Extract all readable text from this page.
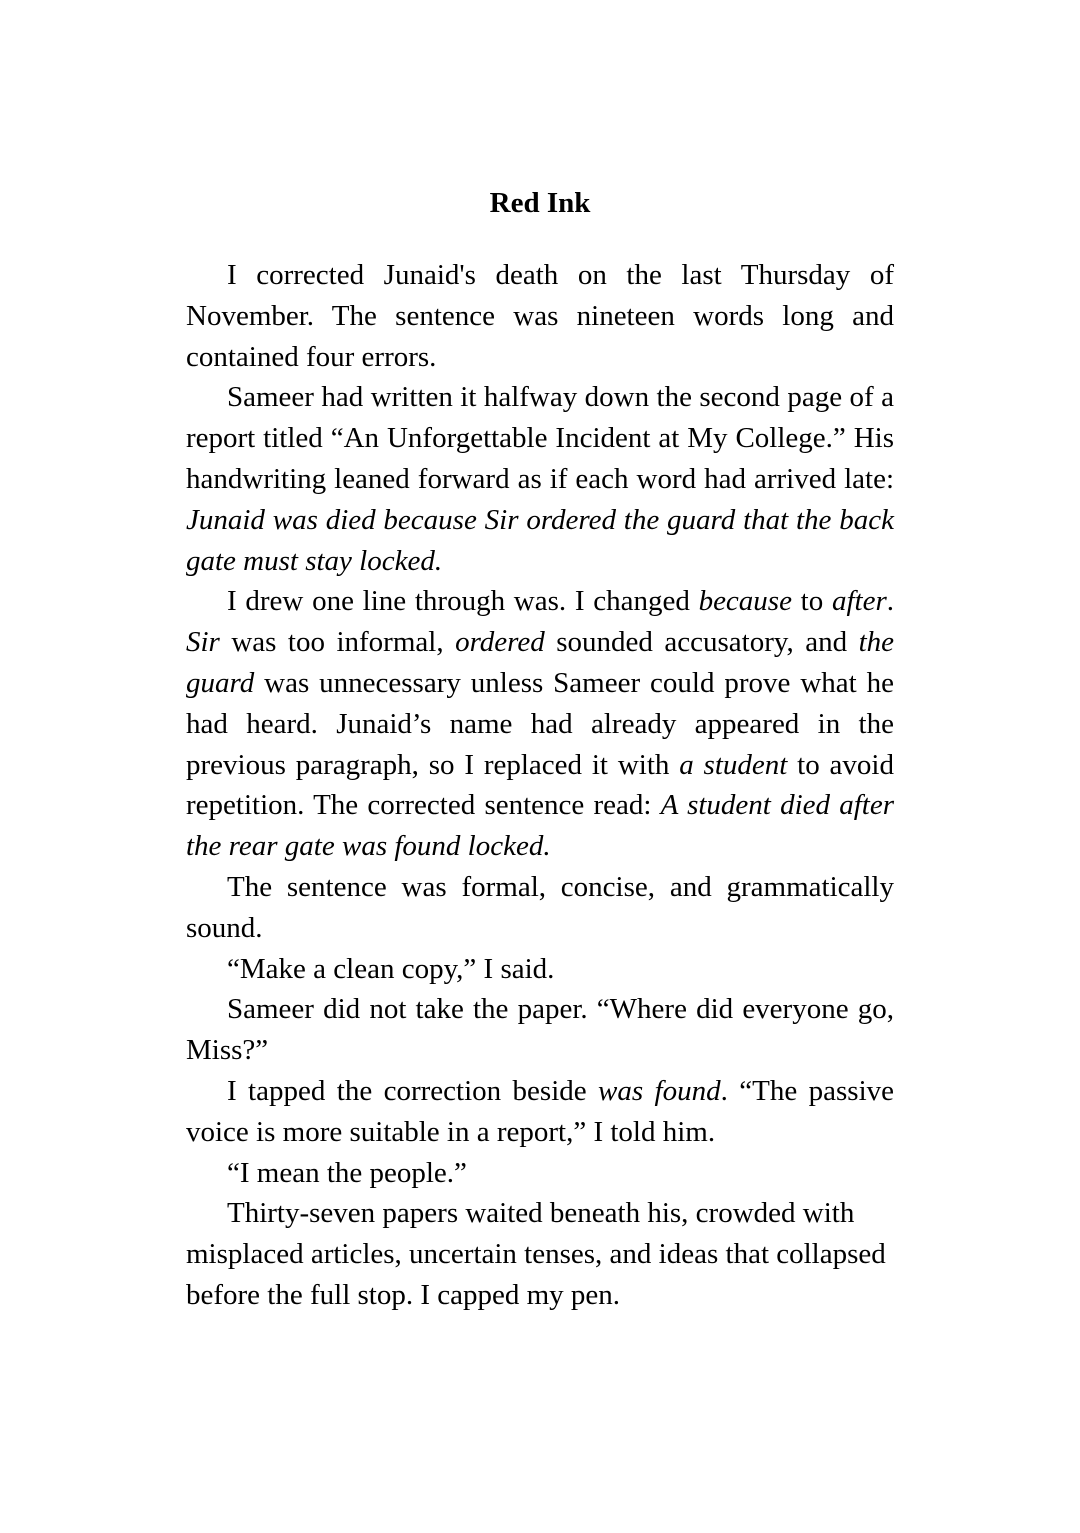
Red Ink

I corrected Junaid's death on the last Thursday of November. The sentence was nineteen words long and contained four errors.

Sameer had written it halfway down the second page of a report titled “An Unforgettable Incident at My College.” His handwriting leaned forward as if each word had arrived late: Junaid was died because Sir ordered the guard that the back gate must stay locked.

I drew one line through was. I changed because to after. Sir was too informal, ordered sounded accusatory, and the guard was unnecessary unless Sameer could prove what he had heard. Junaid’s name had already appeared in the previous paragraph, so I replaced it with a student to avoid repetition. The corrected sentence read: A student died after the rear gate was found locked.

The sentence was formal, concise, and grammatically sound.

“Make a clean copy,” I said.

Sameer did not take the paper. “Where did everyone go, Miss?”

I tapped the correction beside was found. “The passive voice is more suitable in a report,” I told him.

“I mean the people.”

Thirty-seven papers waited beneath his, crowded with misplaced articles, uncertain tenses, and ideas that collapsed before the full stop. I capped my pen.
